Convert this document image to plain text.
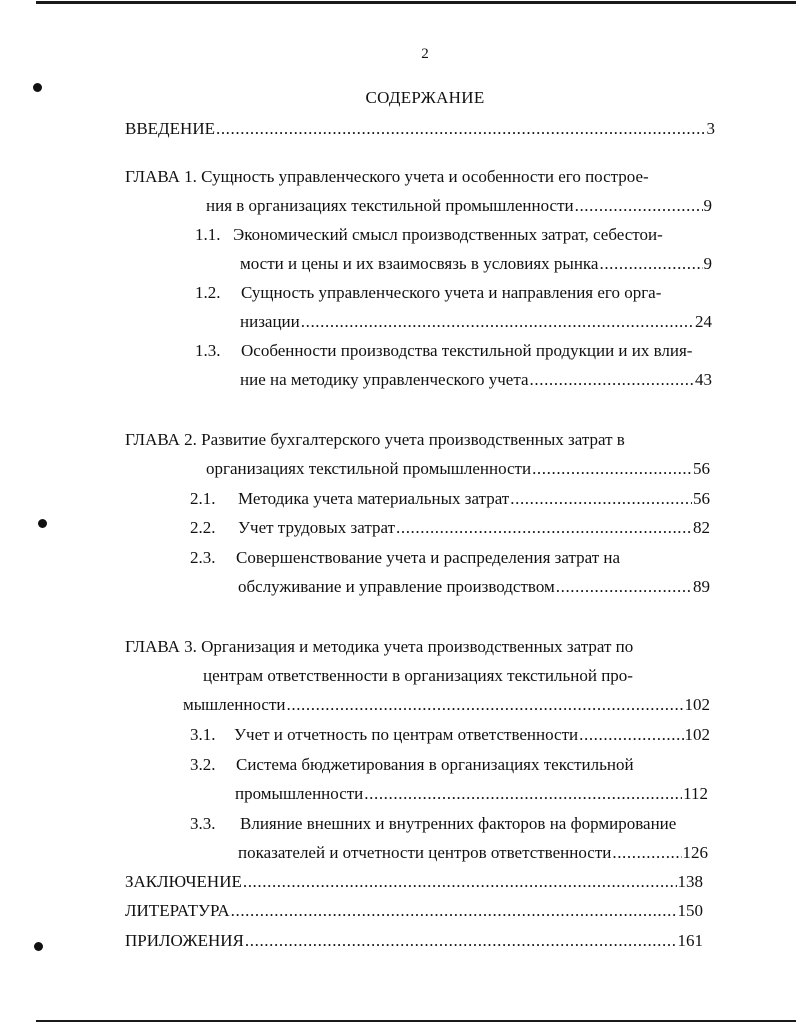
2
СОДЕРЖАНИЕ
ВВЕДЕНИЕ .....	3
ГЛАВА 1. Сущность управленческого учета и особенности его построе-
ния в организациях текстильной промышленности .....	9
1.1. Экономический смысл производственных затрат, себестои-
мости и цены и их взаимосвязь в условиях рынка .....	9
1.2.	Сущность управленческого учета и направления его орга-
низации .....	24
1.3.	Особенности производства текстильной продукции и их влия-
ние на методику управленческого учета .....	43
ГЛАВА 2. Развитие бухгалтерского учета производственных затрат в
организациях текстильной промышленности .....	56
2.1.	Методика учета материальных затрат .....	56
2.2.	Учет трудовых затрат .....	82
2.3.	Совершенствование учета и распределения затрат на
обслуживание и управление производством .....	89
ГЛАВА 3. Организация и методика учета производственных затрат по
центрам ответственности в организациях текстильной про-
мышленности .....	102
3.1.	Учет и отчетность по центрам ответственности .....	102
3.2.	Система бюджетирования в организациях текстильной
промышленности .....	112
3.3.	Влияние внешних и внутренних факторов на формирование
показателей и отчетности центров ответственности .....	126
ЗАКЛЮЧЕНИЕ .....	138
ЛИТЕРАТУРА .....	150
ПРИЛОЖЕНИЯ .....	161
